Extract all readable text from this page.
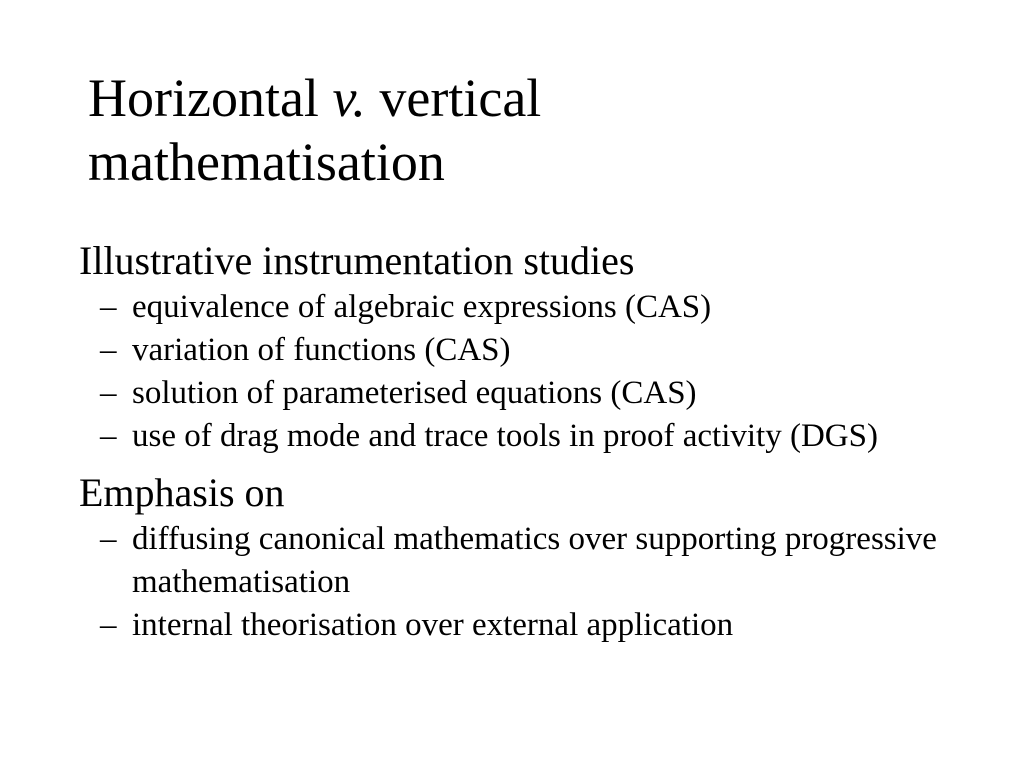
Horizontal v. vertical
mathematisation

Illustrative instrumentation studies

– equivalence of algebraic expressions (CAS)
– variation of functions (CAS)
– solution of parameterised equations (CAS)
– use of drag mode and trace tools in proof activity (DGS)

Emphasis on

– diffusing canonical mathematics over supporting progressive mathematisation
– internal theorisation over external application
